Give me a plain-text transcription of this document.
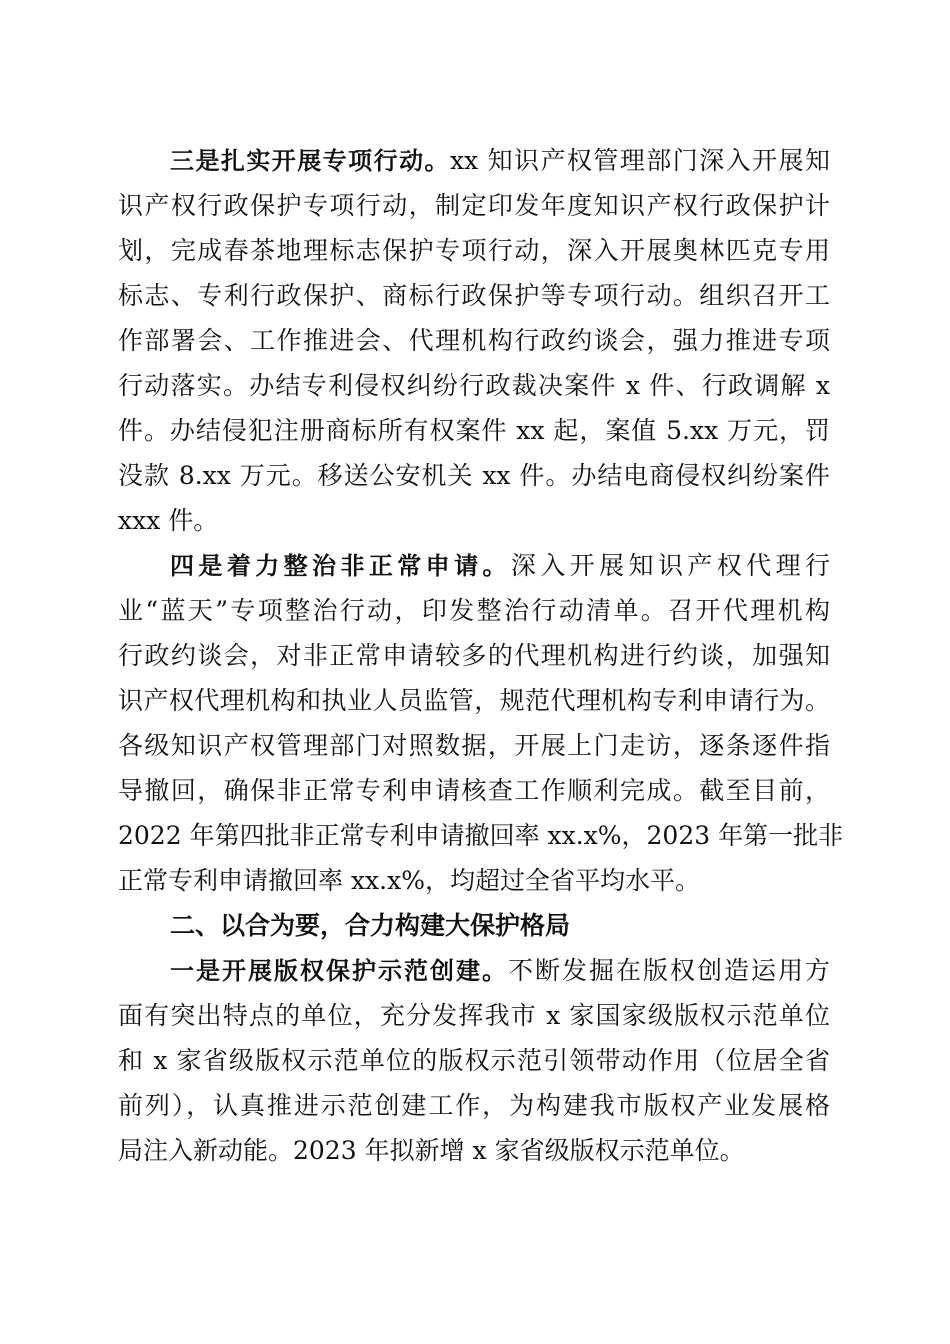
三是扎实开展专项行动。xx 知识产权管理部门深入开展知
识产权行政保护专项行动，制定印发年度知识产权行政保护计
划，完成春茶地理标志保护专项行动，深入开展奥林匹克专用
标志、专利行政保护、商标行政保护等专项行动。组织召开工
作部署会、工作推进会、代理机构行政约谈会，强力推进专项
行动落实。办结专利侵权纠纷行政裁决案件 x 件、行政调解 x
件。办结侵犯注册商标所有权案件 xx 起，案值 5.xx 万元，罚
没款 8.xx 万元。移送公安机关 xx 件。办结电商侵权纠纷案件
xxx 件。
四是着力整治非正常申请。深入开展知识产权代理行
业“蓝天”专项整治行动，印发整治行动清单。召开代理机构
行政约谈会，对非正常申请较多的代理机构进行约谈，加强知
识产权代理机构和执业人员监管，规范代理机构专利申请行为。
各级知识产权管理部门对照数据，开展上门走访，逐条逐件指
导撤回，确保非正常专利申请核查工作顺利完成。截至目前，
2022 年第四批非正常专利申请撤回率 xx.x%，2023 年第一批非
正常专利申请撤回率 xx.x%，均超过全省平均水平。
二、以合为要，合力构建大保护格局
一是开展版权保护示范创建。不断发掘在版权创造运用方
面有突出特点的单位，充分发挥我市 x 家国家级版权示范单位
和 x 家省级版权示范单位的版权示范引领带动作用（位居全省
前列），认真推进示范创建工作，为构建我市版权产业发展格
局注入新动能。2023 年拟新增 x 家省级版权示范单位。
